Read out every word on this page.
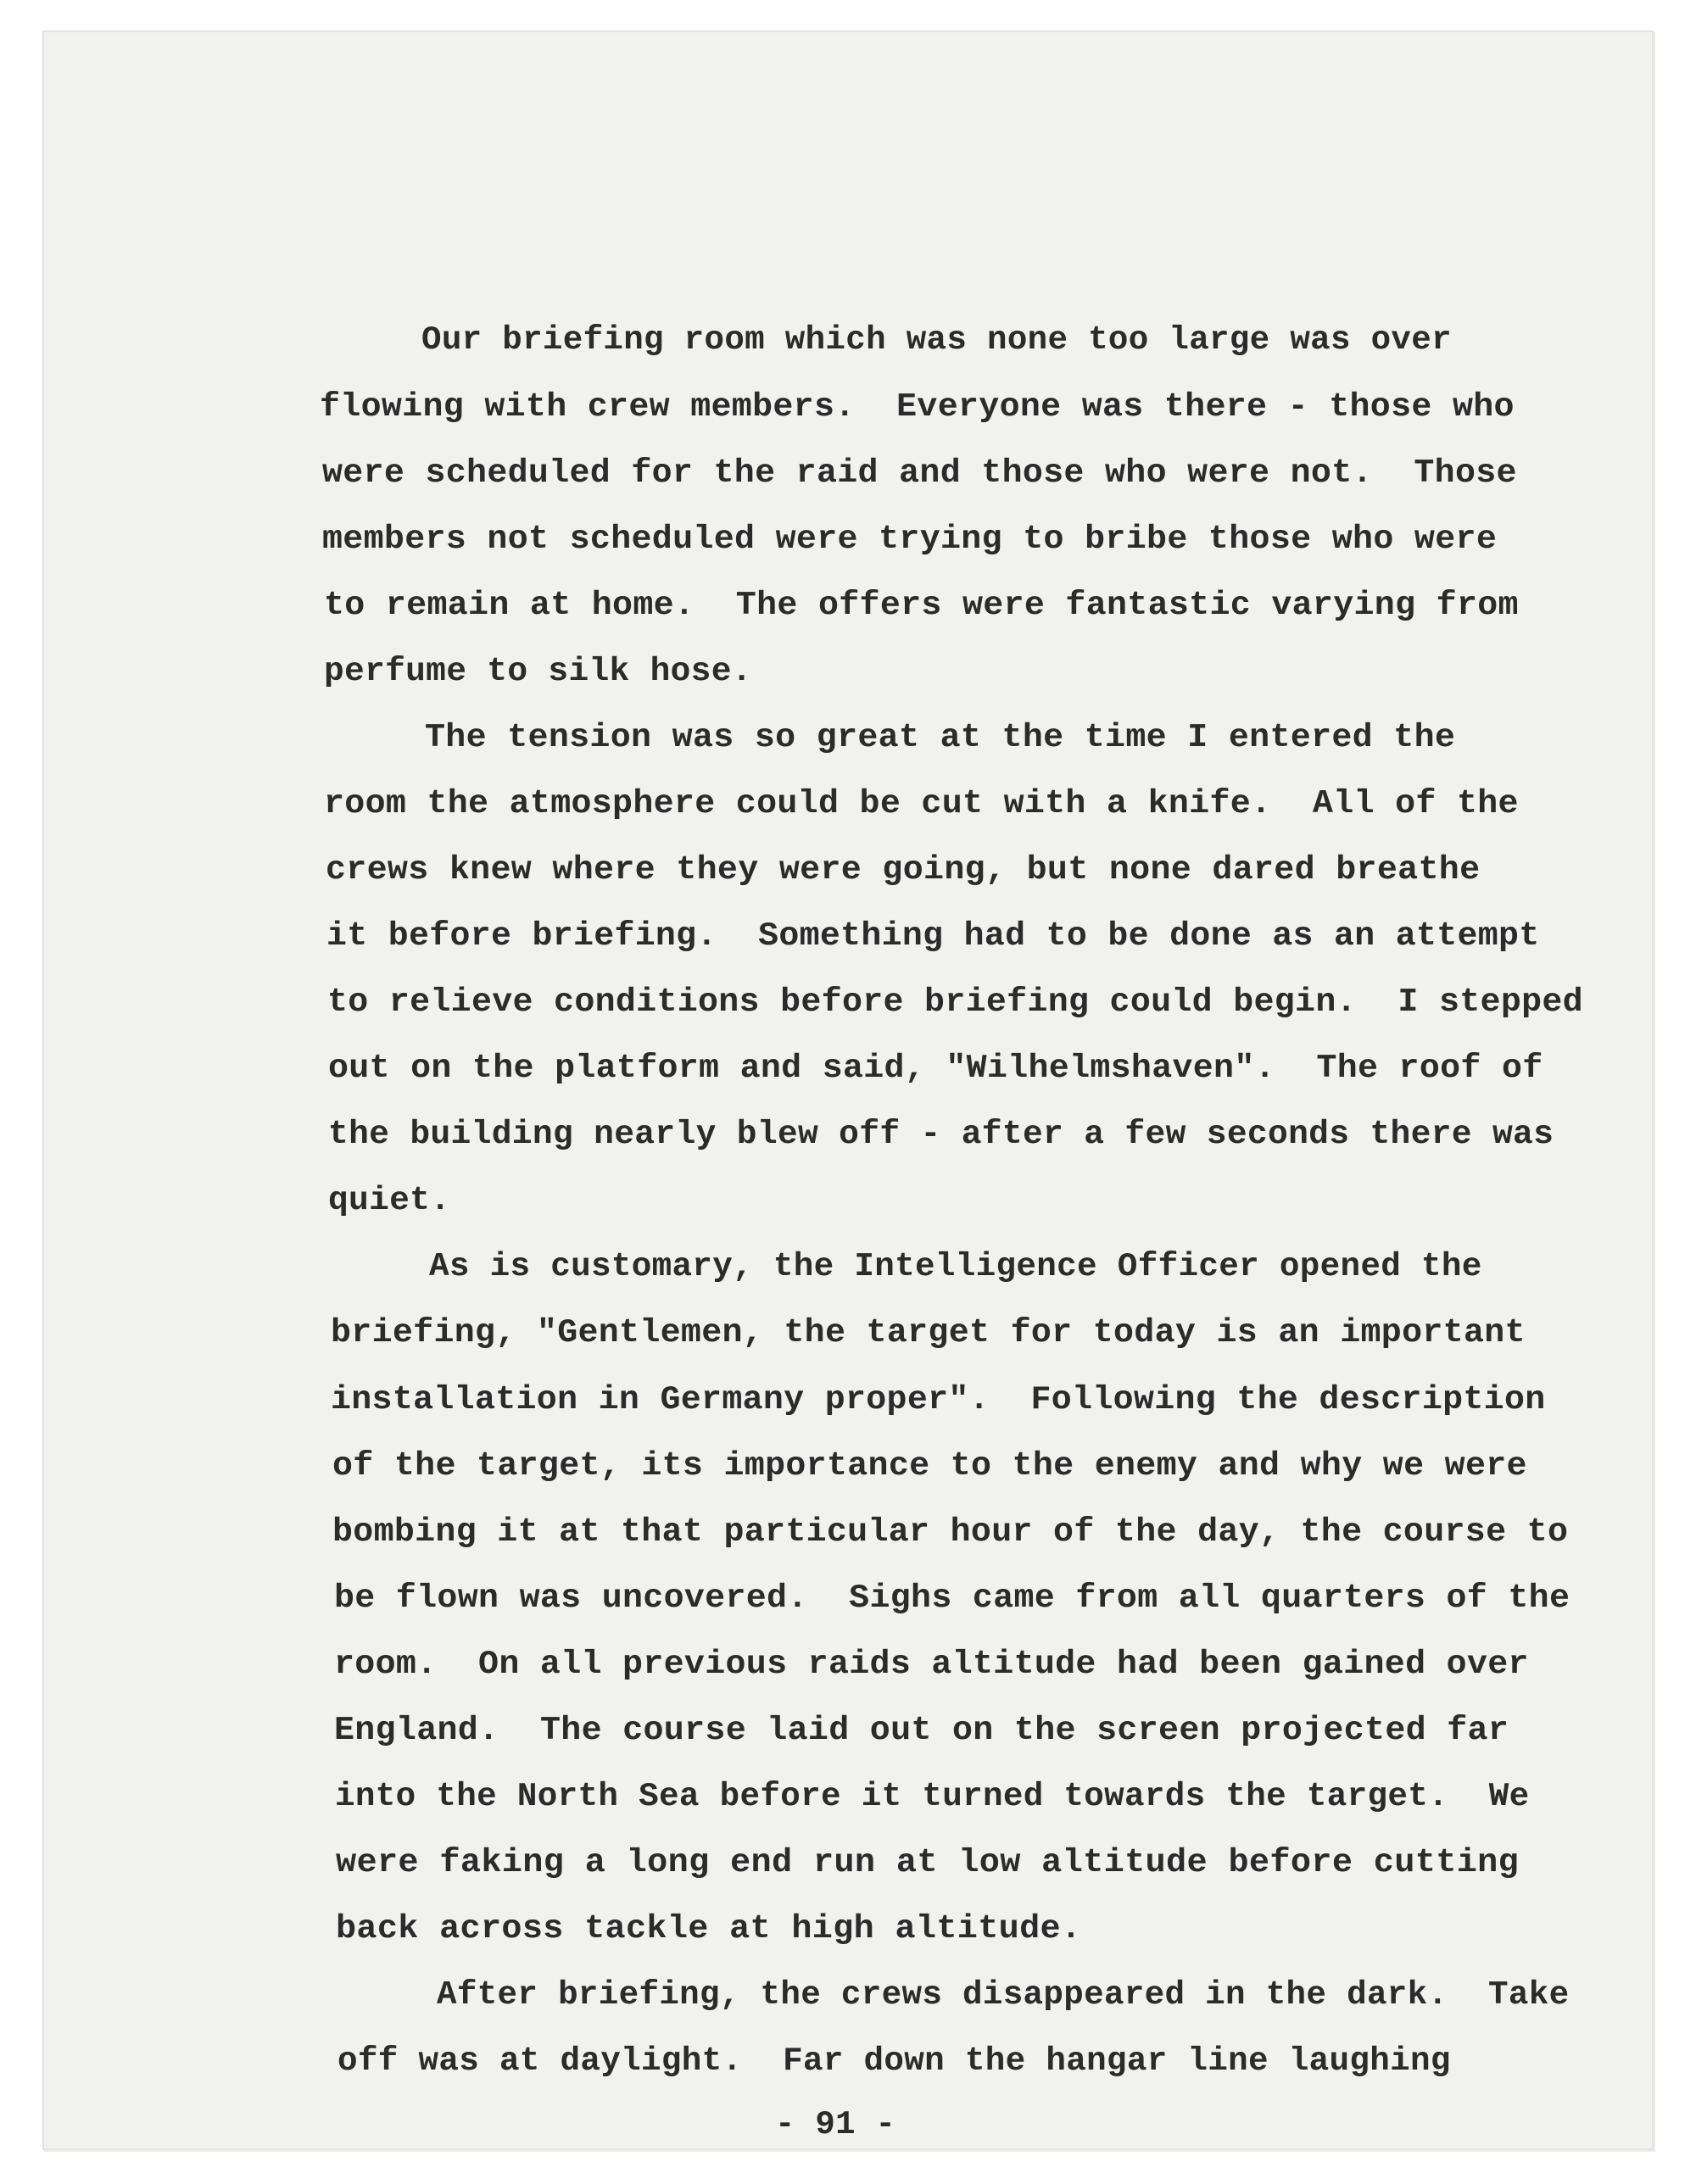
Our briefing room which was none too large was over
flowing with crew members.  Everyone was there - those who
were scheduled for the raid and those who were not.  Those
members not scheduled were trying to bribe those who were
to remain at home.  The offers were fantastic varying from
perfume to silk hose.
The tension was so great at the time I entered the
room the atmosphere could be cut with a knife.  All of the
crews knew where they were going, but none dared breathe
it before briefing.  Something had to be done as an attempt
to relieve conditions before briefing could begin.  I stepped
out on the platform and said, "Wilhelmshaven".  The roof of
the building nearly blew off - after a few seconds there was
quiet.
As is customary, the Intelligence Officer opened the
briefing, "Gentlemen, the target for today is an important
installation in Germany proper".  Following the description
of the target, its importance to the enemy and why we were
bombing it at that particular hour of the day, the course to
be flown was uncovered.  Sighs came from all quarters of the
room.  On all previous raids altitude had been gained over
England.  The course laid out on the screen projected far
into the North Sea before it turned towards the target.  We
were faking a long end run at low altitude before cutting
back across tackle at high altitude.
After briefing, the crews disappeared in the dark.  Take
off was at daylight.  Far down the hangar line laughing
- 91 -
